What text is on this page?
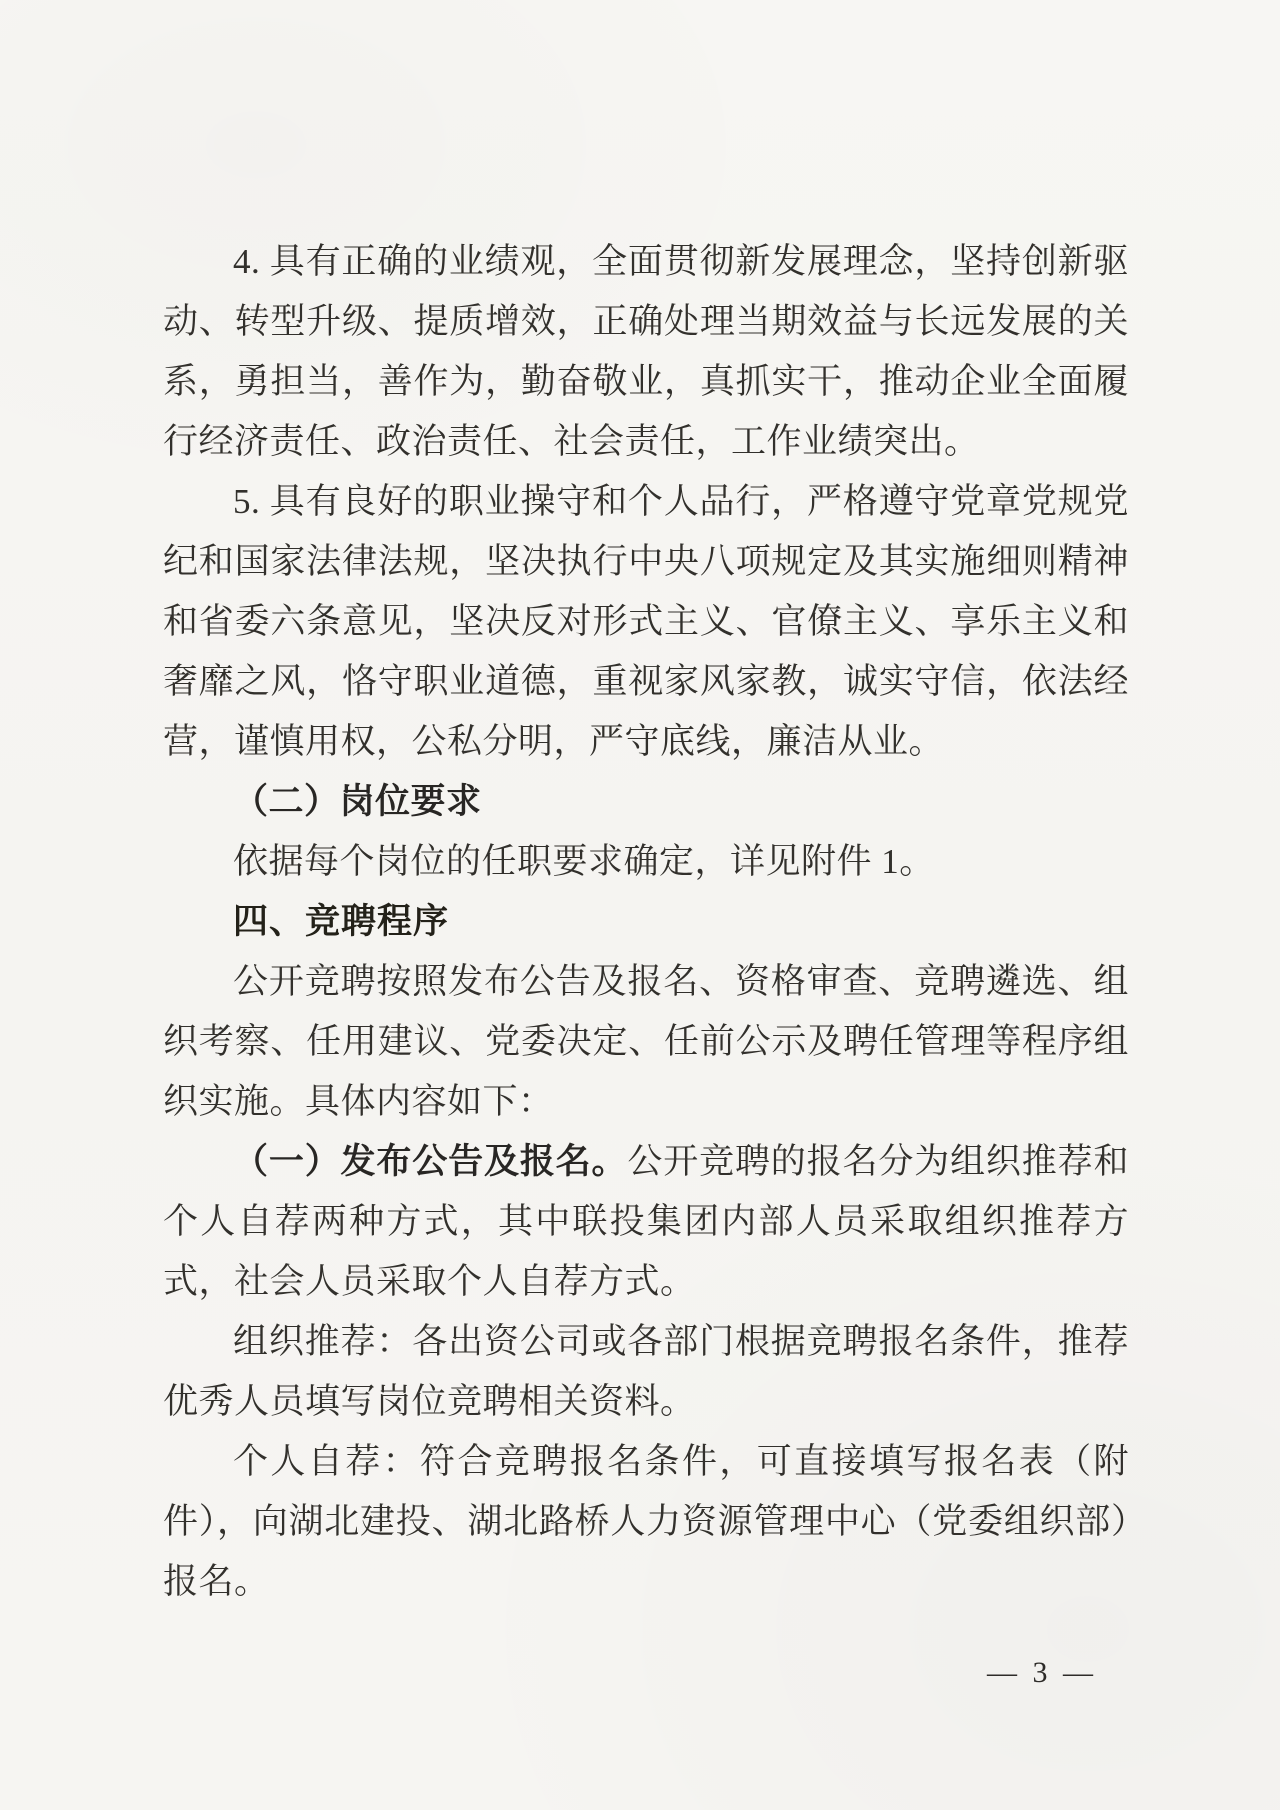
4. 具有正确的业绩观，全面贯彻新发展理念，坚持创新驱动、转型升级、提质增效，正确处理当期效益与长远发展的关系，勇担当，善作为，勤奋敬业，真抓实干，推动企业全面履行经济责任、政治责任、社会责任，工作业绩突出。

5. 具有良好的职业操守和个人品行，严格遵守党章党规党纪和国家法律法规，坚决执行中央八项规定及其实施细则精神和省委六条意见，坚决反对形式主义、官僚主义、享乐主义和奢靡之风，恪守职业道德，重视家风家教，诚实守信，依法经营，谨慎用权，公私分明，严守底线，廉洁从业。

（二）岗位要求

依据每个岗位的任职要求确定，详见附件 1。

四、竞聘程序

公开竞聘按照发布公告及报名、资格审查、竞聘遴选、组织考察、任用建议、党委决定、任前公示及聘任管理等程序组织实施。具体内容如下：

（一）发布公告及报名。公开竞聘的报名分为组织推荐和个人自荐两种方式，其中联投集团内部人员采取组织推荐方式，社会人员采取个人自荐方式。

组织推荐：各出资公司或各部门根据竞聘报名条件，推荐优秀人员填写岗位竞聘相关资料。

个人自荐：符合竞聘报名条件，可直接填写报名表（附件），向湖北建投、湖北路桥人力资源管理中心（党委组织部）报名。

— 3 —
